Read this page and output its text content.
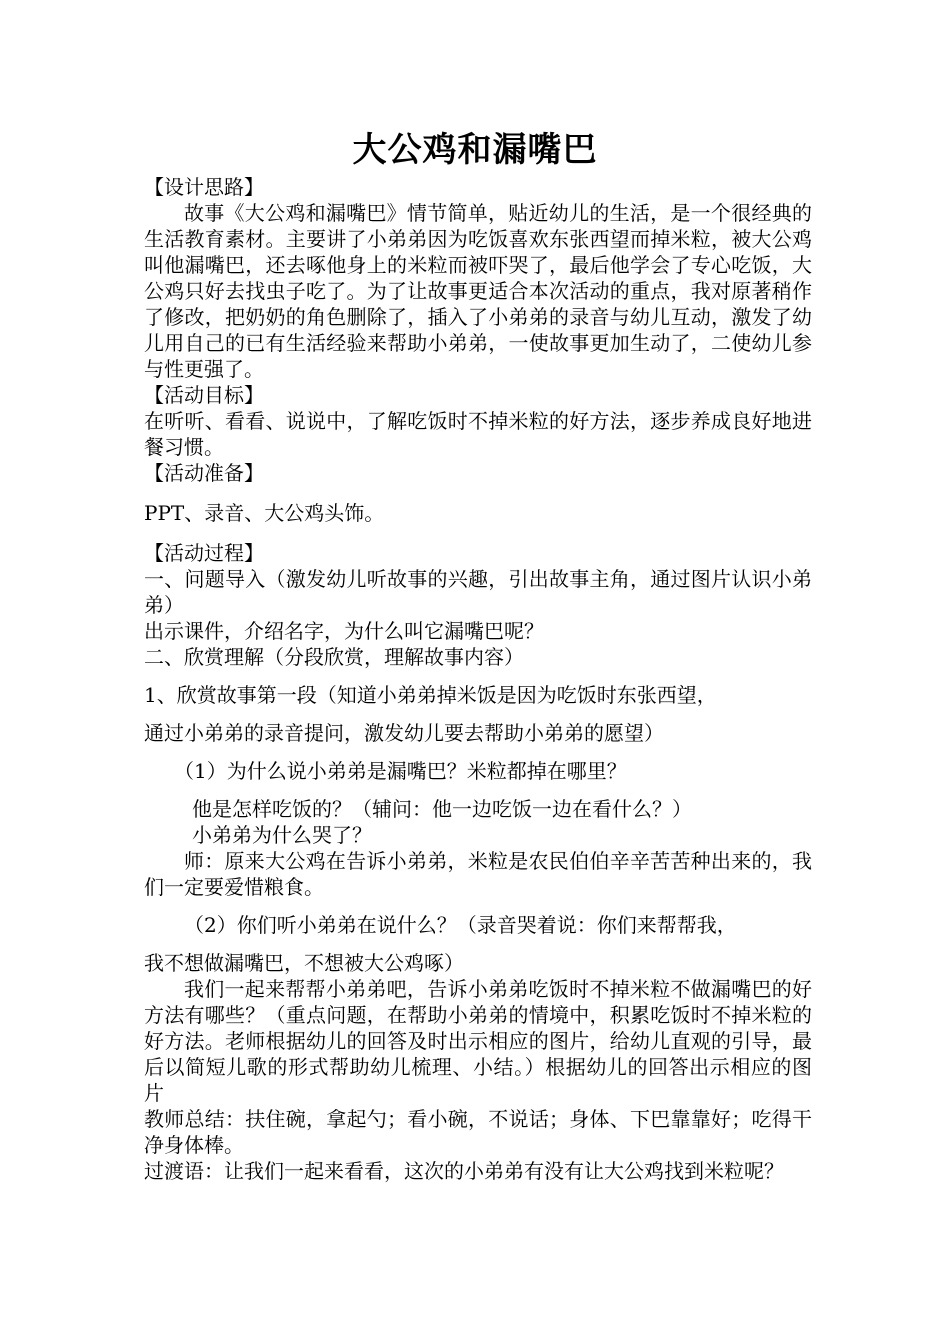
大公鸡和漏嘴巴

【设计思路】

故事《大公鸡和漏嘴巴》情节简单，贴近幼儿的生活，是一个很经典的生活教育素材。主要讲了小弟弟因为吃饭喜欢东张西望而掉米粒，被大公鸡叫他漏嘴巴，还去啄他身上的米粒而被吓哭了，最后他学会了专心吃饭，大公鸡只好去找虫子吃了。为了让故事更适合本次活动的重点，我对原著稍作了修改，把奶奶的角色删除了，插入了小弟弟的录音与幼儿互动，激发了幼儿用自己的已有生活经验来帮助小弟弟，一使故事更加生动了，二使幼儿参与性更强了。

【活动目标】

在听听、看看、说说中，了解吃饭时不掉米粒的好方法，逐步养成良好地进餐习惯。

【活动准备】

PPT、录音、大公鸡头饰。

【活动过程】

一、问题导入（激发幼儿听故事的兴趣，引出故事主角，通过图片认识小弟弟）

出示课件，介绍名字，为什么叫它漏嘴巴呢？

二、欣赏理解（分段欣赏，理解故事内容）

1、欣赏故事第一段（知道小弟弟掉米饭是因为吃饭时东张西望，

通过小弟弟的录音提问，激发幼儿要去帮助小弟弟的愿望）

（1）为什么说小弟弟是漏嘴巴？米粒都掉在哪里？

他是怎样吃饭的？（辅问：他一边吃饭一边在看什么？）

小弟弟为什么哭了？

师：原来大公鸡在告诉小弟弟，米粒是农民伯伯辛辛苦苦种出来的，我们一定要爱惜粮食。

（2）你们听小弟弟在说什么？（录音哭着说：你们来帮帮我，

我不想做漏嘴巴，不想被大公鸡啄）

我们一起来帮帮小弟弟吧，告诉小弟弟吃饭时不掉米粒不做漏嘴巴的好方法有哪些？（重点问题，在帮助小弟弟的情境中，积累吃饭时不掉米粒的好方法。老师根据幼儿的回答及时出示相应的图片，给幼儿直观的引导，最后以简短儿歌的形式帮助幼儿梳理、小结。）根据幼儿的回答出示相应的图片

教师总结：扶住碗，拿起勺；看小碗，不说话；身体、下巴靠靠好；吃得干净身体棒。

过渡语：让我们一起来看看，这次的小弟弟有没有让大公鸡找到米粒呢？
